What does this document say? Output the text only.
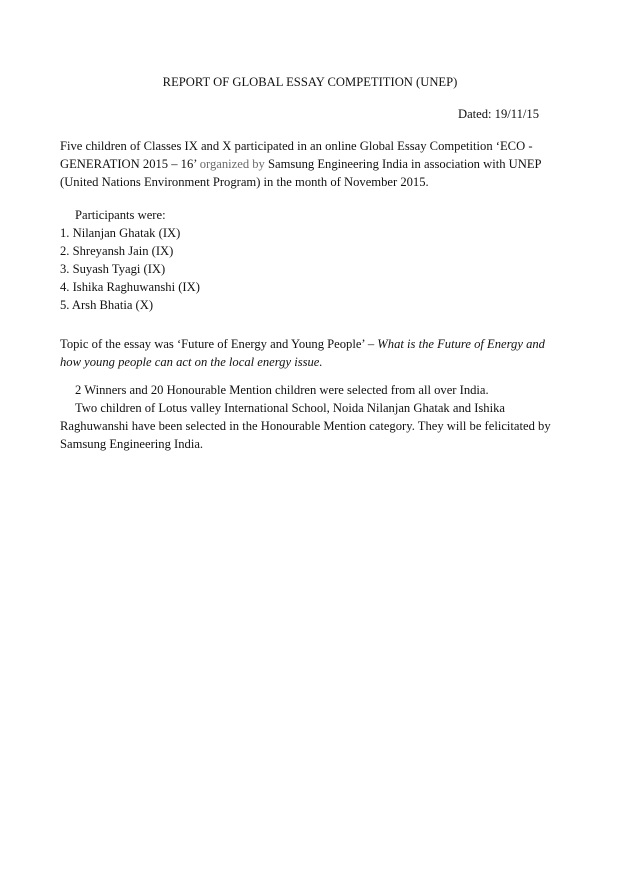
REPORT OF GLOBAL ESSAY COMPETITION (UNEP)
Dated: 19/11/15
Five children of Classes IX and X participated in an online Global Essay Competition ‘ECO - GENERATION 2015 – 16’ organized by Samsung Engineering India in association with UNEP (United Nations Environment Program) in the month of November 2015.
Participants were:
1. Nilanjan Ghatak (IX)
2. Shreyansh Jain (IX)
3. Suyash Tyagi (IX)
4. Ishika Raghuwanshi (IX)
5. Arsh Bhatia (X)
Topic of the essay was ‘Future of Energy and Young People’ – What is the Future of Energy and how young people can act on the local energy issue.
2 Winners and 20 Honourable Mention children were selected from all over India.
Two children of Lotus valley International School, Noida Nilanjan Ghatak and Ishika Raghuwanshi have been selected in the Honourable Mention category. They will be felicitated by Samsung Engineering India.
